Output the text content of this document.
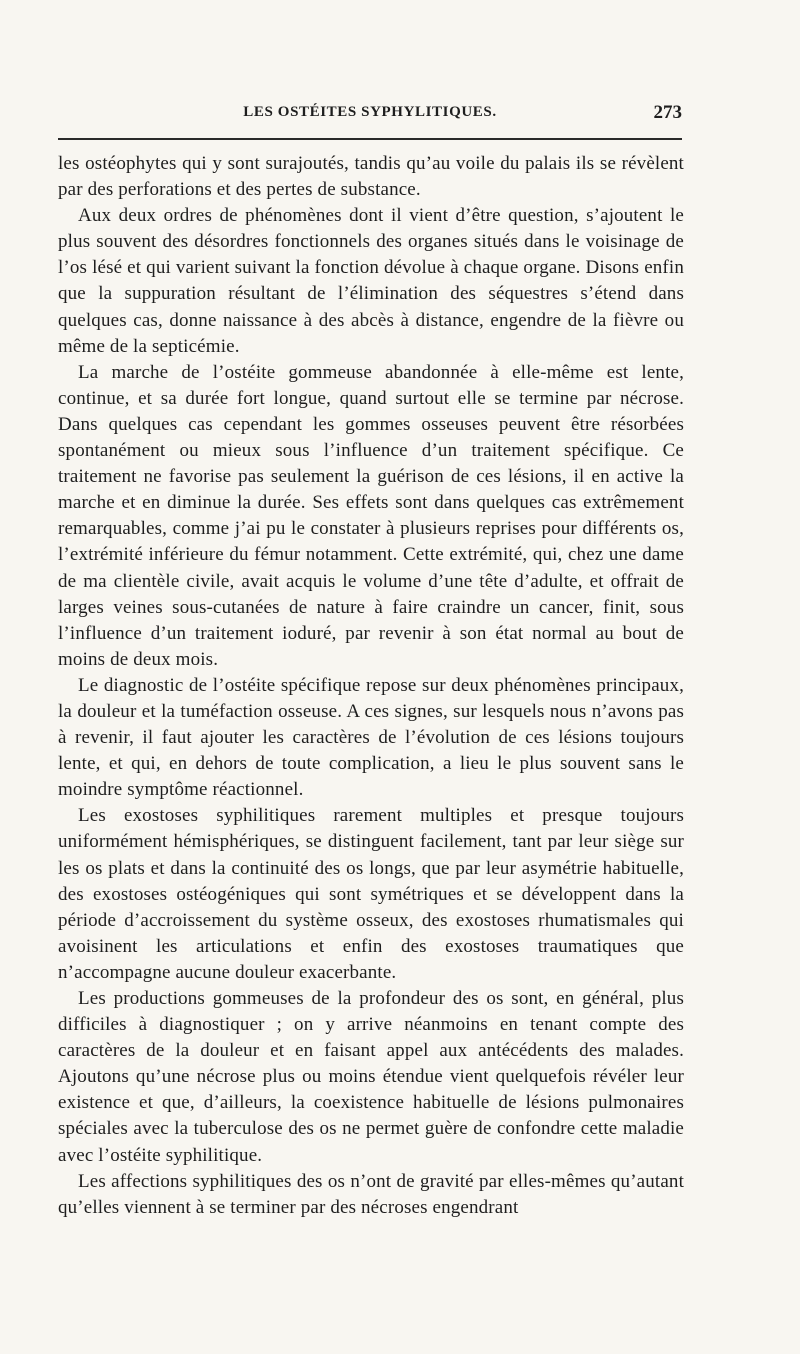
LES OSTÉITES SYPHYLITIQUES.	273

les ostéophytes qui y sont surajoutés, tandis qu’au voile du palais ils se révèlent par des perforations et des pertes de substance.

Aux deux ordres de phénomènes dont il vient d’être question, s’ajoutent le plus souvent des désordres fonctionnels des organes situés dans le voisinage de l’os lésé et qui varient suivant la fonction dévolue à chaque organe. Disons enfin que la suppuration résultant de l’élimination des séquestres s’étend dans quelques cas, donne naissance à des abcès à distance, engendre de la fièvre ou même de la septicémie.

La marche de l’ostéite gommeuse abandonnée à elle-même est lente, continue, et sa durée fort longue, quand surtout elle se termine par nécrose. Dans quelques cas cependant les gommes osseuses peuvent être résorbées spontanément ou mieux sous l’influence d’un traitement spécifique. Ce traitement ne favorise pas seulement la guérison de ces lésions, il en active la marche et en diminue la durée. Ses effets sont dans quelques cas extrêmement remarquables, comme j’ai pu le constater à plusieurs reprises pour différents os, l’extrémité inférieure du fémur notamment. Cette extrémité, qui, chez une dame de ma clientèle civile, avait acquis le volume d’une tête d’adulte, et offrait de larges veines sous-cutanées de nature à faire craindre un cancer, finit, sous l’influence d’un traitement ioduré, par revenir à son état normal au bout de moins de deux mois.

Le diagnostic de l’ostéite spécifique repose sur deux phénomènes principaux, la douleur et la tuméfaction osseuse. A ces signes, sur lesquels nous n’avons pas à revenir, il faut ajouter les caractères de l’évolution de ces lésions toujours lente, et qui, en dehors de toute complication, a lieu le plus souvent sans le moindre symptôme réactionnel.

Les exostoses syphilitiques rarement multiples et presque toujours uniformément hémisphériques, se distinguent facilement, tant par leur siège sur les os plats et dans la continuité des os longs, que par leur asymétrie habituelle, des exostoses ostéogéniques qui sont symétriques et se développent dans la période d’accroissement du système osseux, des exostoses rhumatismales qui avoisinent les articulations et enfin des exostoses traumatiques que n’accompagne aucune douleur exacerbante.

Les productions gommeuses de la profondeur des os sont, en général, plus difficiles à diagnostiquer ; on y arrive néanmoins en tenant compte des caractères de la douleur et en faisant appel aux antécédents des malades. Ajoutons qu’une nécrose plus ou moins étendue vient quelquefois révéler leur existence et que, d’ailleurs, la coexistence habituelle de lésions pulmonaires spéciales avec la tuberculose des os ne permet guère de confondre cette maladie avec l’ostéite syphilitique.

Les affections syphilitiques des os n’ont de gravité par elles-mêmes qu’autant qu’elles viennent à se terminer par des nécroses engendrant
